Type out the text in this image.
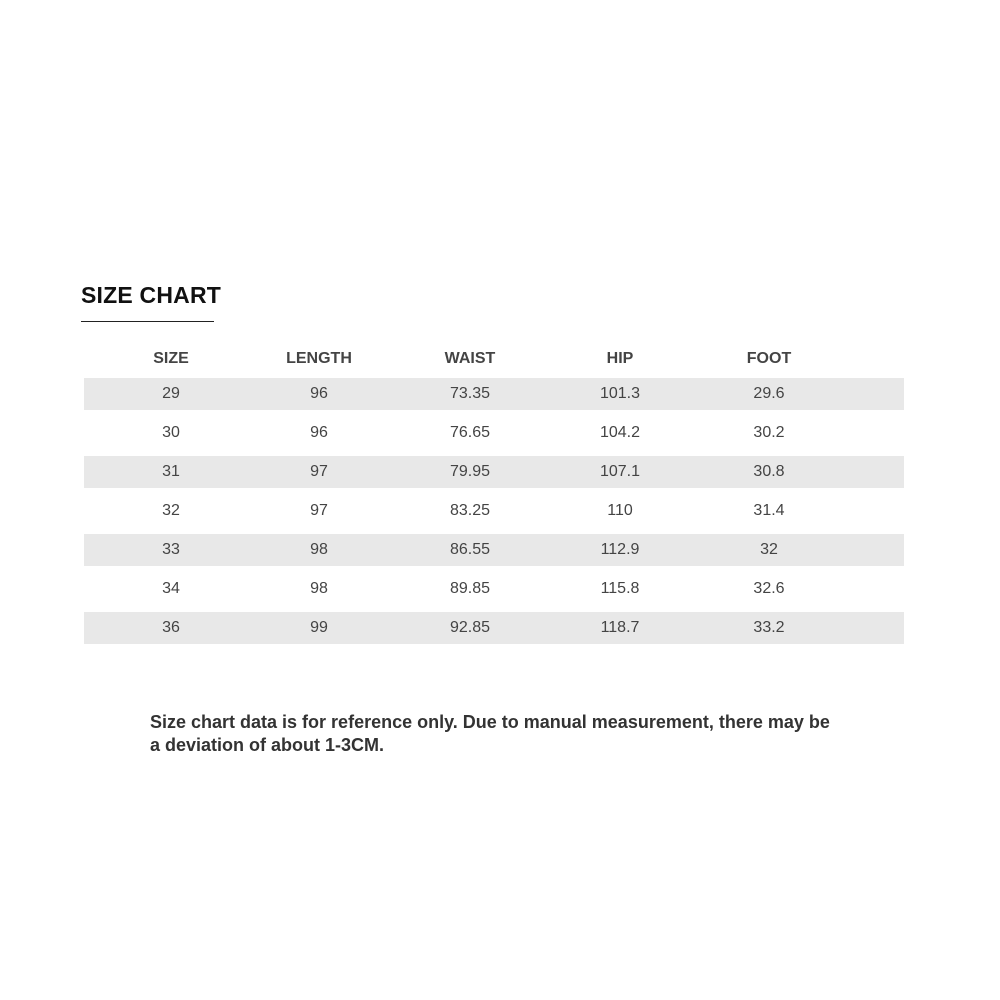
SIZE CHART
SIZE	LENGTH	WAIST	HIP	FOOT
29	96	73.35	101.3	29.6
30	96	76.65	104.2	30.2
31	97	79.95	107.1	30.8
32	97	83.25	110	31.4
33	98	86.55	112.9	32
34	98	89.85	115.8	32.6
36	99	92.85	118.7	33.2

Size chart data is for reference only. Due to manual measurement, there may be a deviation of about 1-3CM.
